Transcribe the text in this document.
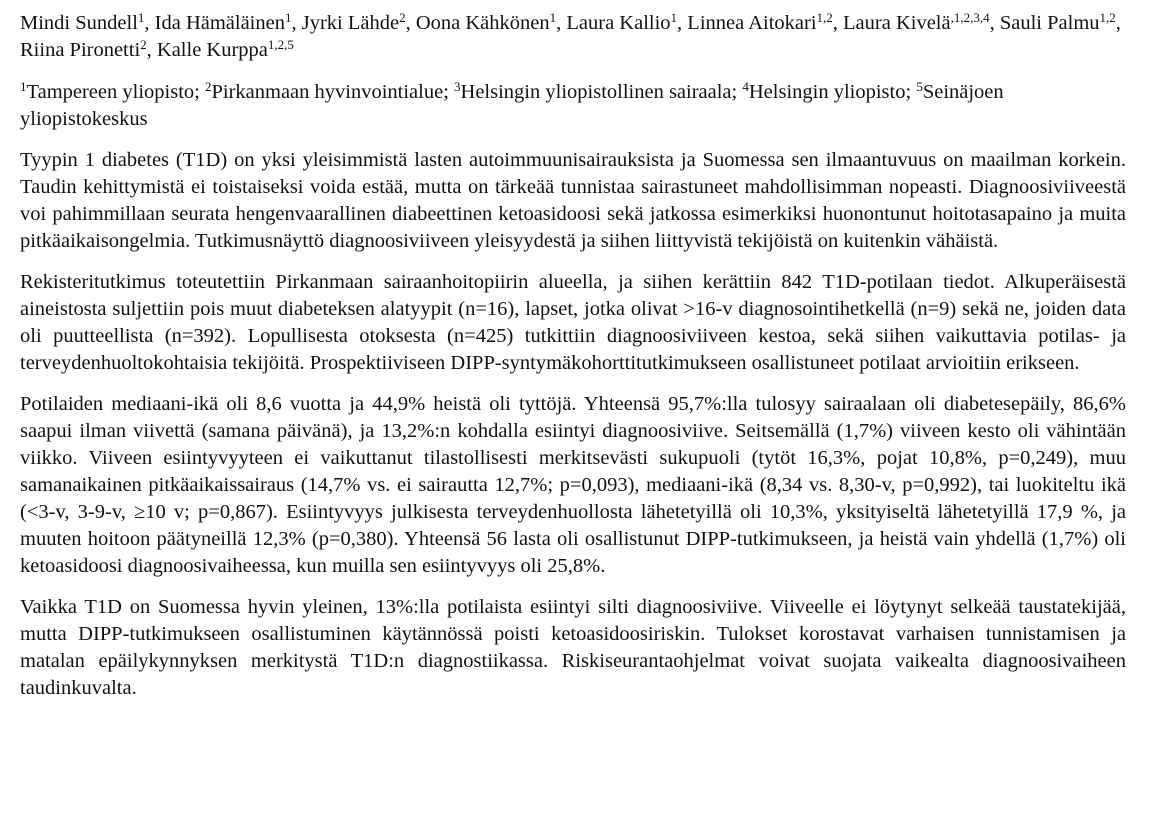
Mindi Sundell$^1$, Ida Hämäläinen$^1$, Jyrki Lähde$^2$, Oona Kähkönen$^1$, Laura Kallio$^1$, Linnea Aitokari$^{1,2}$, Laura Kivelä$^{,1,2,3,4}$, Sauli Palmu$^{1,2}$, Riina Pironetti$^2$, Kalle Kurppa$^{1,2,5}$
$^1$Tampereen yliopisto; $^2$Pirkanmaan hyvinvointialue; $^3$Helsingin yliopistollinen sairaala; $^4$Helsingin yliopisto; $^5$Seinäjoen yliopistokeskus

Tyypin 1 diabetes (T1D) on yksi yleisimmistä lasten autoimmuunisairauksista ja Suomessa sen ilmaantuvuus on maailman korkein. Taudin kehittymistä ei toistaiseksi voida estää, mutta on tärkeää tunnistaa sairastuneet mahdollisimman nopeasti. Diagnoosiviiveestä voi pahimmillaan seurata hengenvaarallinen diabeettinen ketoasidoosi sekä jatkossa esimerkiksi huonontunut hoitotasapaino ja muita pitkäaikaisongelmia. Tutkimusnäyttö diagnoosiviiveen yleisyydestä ja siihen liittyvistä tekijöistä on kuitenkin vähäistä.

Rekisteritutkimus toteutettiin Pirkanmaan sairaanhoitopiirin alueella, ja siihen kerättiin 842 T1D-potilaan tiedot. Alkuperäisestä aineistosta suljettiin pois muut diabeteksen alatyypit (n=16), lapset, jotka olivat >16-v diagnosointihetkellä (n=9) sekä ne, joiden data oli puutteellista (n=392). Lopullisesta otoksesta (n=425) tutkittiin diagnoosiviiveen kestoa, sekä siihen vaikuttavia potilas- ja terveydenhuoltokohtaisia tekijöitä. Prospektiiviseen DIPP-syntymäkohorttitutkimukseen osallistuneet potilaat arvioitiin erikseen.

Potilaiden mediaani-ikä oli 8,6 vuotta ja 44,9% heistä oli tyttöjä. Yhteensä 95,7%:lla tulosyy sairaalaan oli diabetesepäily, 86,6% saapui ilman viivettä (samana päivänä), ja 13,2%:n kohdalla esiintyi diagnoosiviive. Seitsemällä (1,7%) viiveen kesto oli vähintään viikko. Viiveen esiintyvyyteen ei vaikuttanut tilastollisesti merkitsevästi sukupuoli (tytöt 16,3%, pojat 10,8%, p=0,249), muu samanaikainen pitkäaikaissairaus (14,7% vs. ei sairautta 12,7%; p=0,093), mediaani-ikä (8,34 vs. 8,30-v, p=0,992), tai luokiteltu ikä (<3-v, 3-9-v, ≥10 v; p=0,867). Esiintyvyys julkisesta terveydenhuollosta lähetetyillä oli 10,3%, yksityiseltä lähetetyillä 17,9 %, ja muuten hoitoon päätyneillä 12,3% (p=0,380). Yhteensä 56 lasta oli osallistunut DIPP-tutkimukseen, ja heistä vain yhdellä (1,7%) oli ketoasidoosi diagnoosivaiheessa, kun muilla sen esiintyvyys oli 25,8%.

Vaikka T1D on Suomessa hyvin yleinen, 13%:lla potilaista esiintyi silti diagnoosiviive. Viiveelle ei löytynyt selkeää taustatekijää, mutta DIPP-tutkimukseen osallistuminen käytännössä poisti ketoasidoosiriskin. Tulokset korostavat varhaisen tunnistamisen ja matalan epäilykynnyksen merkitystä T1D:n diagnostiikassa. Riskiseurantaohjelmat voivat suojata vaikealta diagnoosivaiheen taudinkuvalta.
